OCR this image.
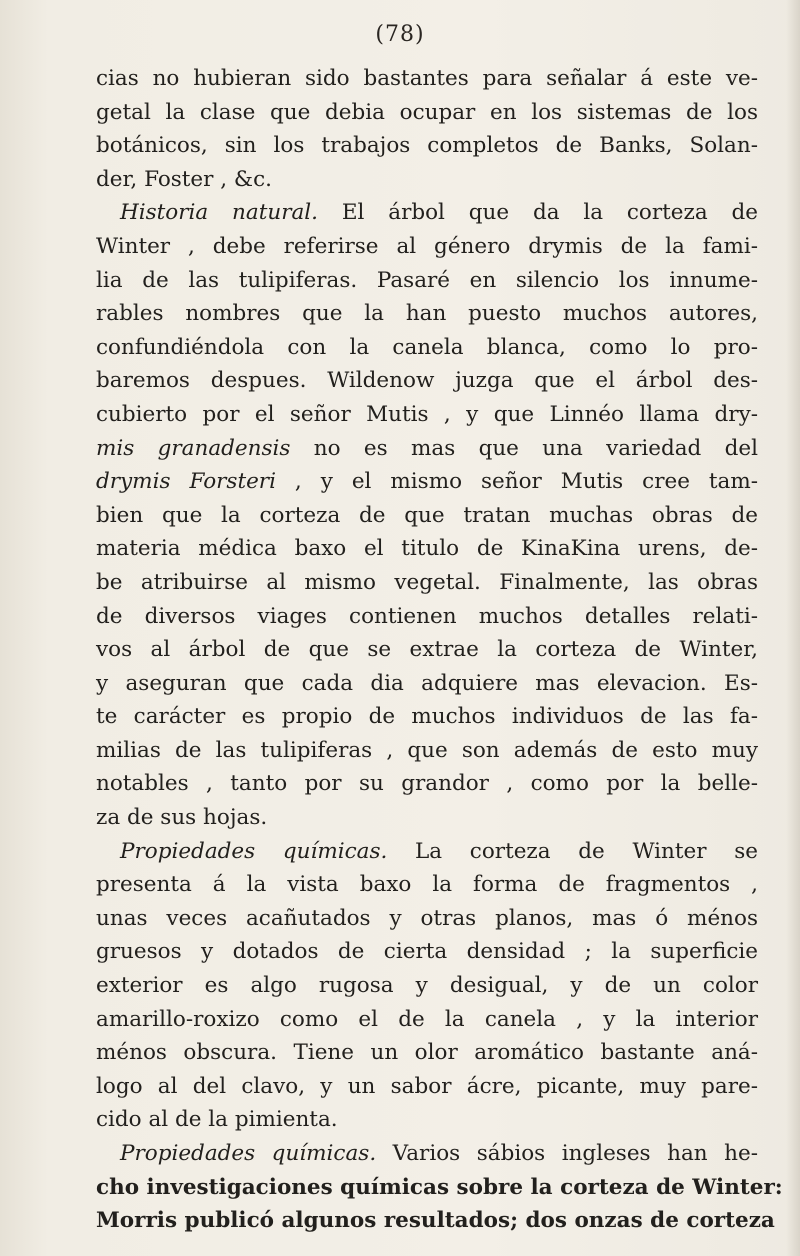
(78)
cias no hubieran sido bastantes para señalar á este ve-
getal la clase que debia ocupar en los sistemas de los
botánicos, sin los trabajos completos de Banks, Solan-
der, Foster , &c.
Historia natural. El árbol que da la corteza de
Winter , debe referirse al género drymis de la fami-
lia de las tulipiferas. Pasaré en silencio los innume-
rables nombres que la han puesto muchos autores,
confundiéndola con la canela blanca, como lo pro-
baremos despues. Wildenow juzga que el árbol des-
cubierto por el señor Mutis , y que Linnéo llama dry-
mis granadensis no es mas que una variedad del
drymis Forsteri , y el mismo señor Mutis cree tam-
bien que la corteza de que tratan muchas obras de
materia médica baxo el titulo de KinaKina urens, de-
be atribuirse al mismo vegetal. Finalmente, las obras
de diversos viages contienen muchos detalles relati-
vos al árbol de que se extrae la corteza de Winter,
y aseguran que cada dia adquiere mas elevacion. Es-
te carácter es propio de muchos individuos de las fa-
milias de las tulipiferas , que son además de esto muy
notables , tanto por su grandor , como por la belle-
za de sus hojas.
Propiedades químicas. La corteza de Winter se
presenta á la vista baxo la forma de fragmentos ,
unas veces acañutados y otras planos, mas ó ménos
gruesos y dotados de cierta densidad ; la superficie
exterior es algo rugosa y desigual, y de un color
amarillo-roxizo como el de la canela , y la interior
ménos obscura. Tiene un olor aromático bastante aná-
logo al del clavo, y un sabor ácre, picante, muy pare-
cido al de la pimienta.
Propiedades químicas. Varios sábios ingleses han he-
cho investigaciones químicas sobre la corteza de Winter:
Morris publicó algunos resultados; dos onzas de corteza
